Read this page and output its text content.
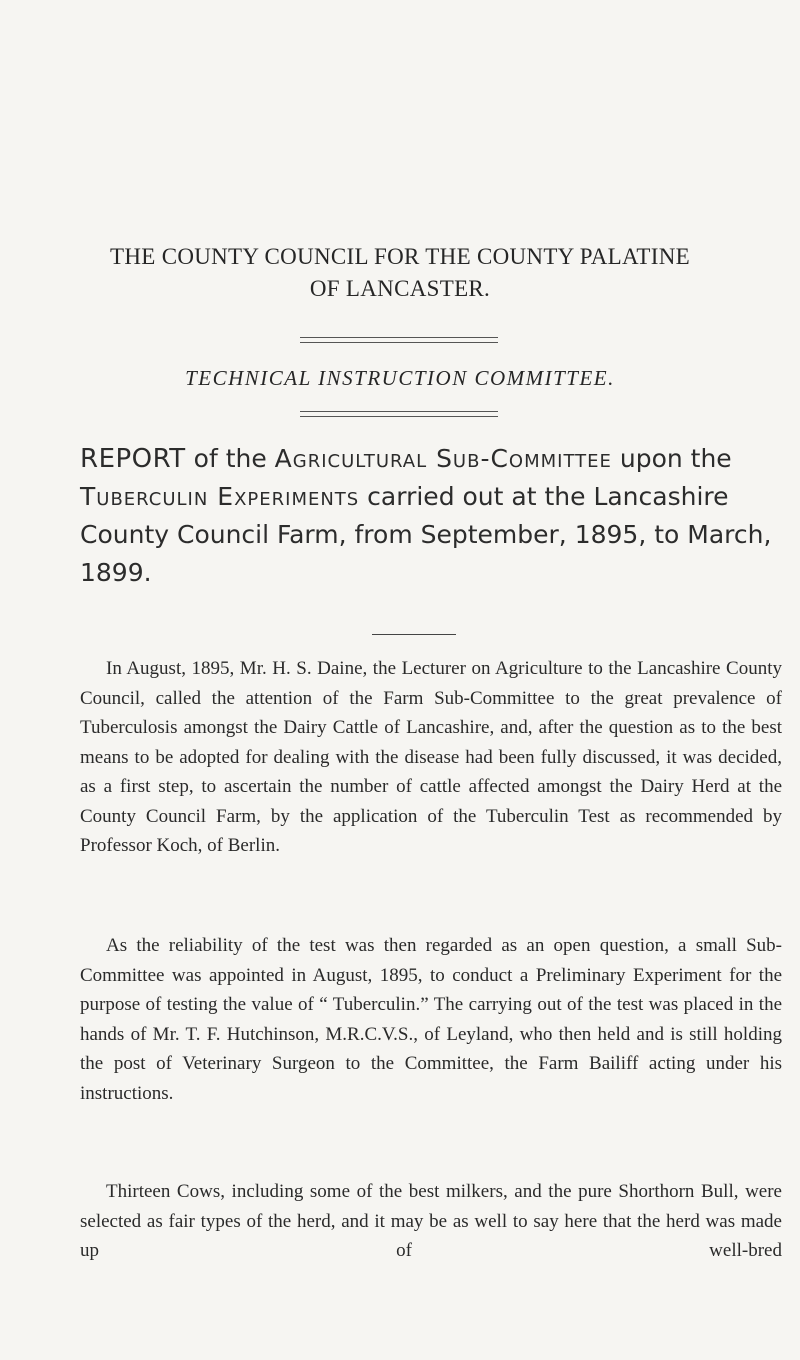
THE COUNTY COUNCIL FOR THE COUNTY PALATINE
OF LANCASTER.
TECHNICAL INSTRUCTION COMMITTEE.
REPORT of the Agricultural Sub-Committee upon the Tuberculin Experiments carried out at the Lancashire County Council Farm, from September, 1895, to March, 1899.

In August, 1895, Mr. H. S. Daine, the Lecturer on Agriculture to the Lancashire County Council, called the attention of the Farm Sub-Committee to the great prevalence of Tuberculosis amongst the Dairy Cattle of Lancashire, and, after the question as to the best means to be adopted for dealing with the disease had been fully discussed, it was decided, as a first step, to ascertain the number of cattle affected amongst the Dairy Herd at the County Council Farm, by the application of the Tuberculin Test as recommended by Professor Koch, of Berlin.

As the reliability of the test was then regarded as an open question, a small Sub-Committee was appointed in August, 1895, to conduct a Preliminary Experiment for the purpose of testing the value of “ Tuberculin.” The carrying out of the test was placed in the hands of Mr. T. F. Hutchinson, M.R.C.V.S., of Leyland, who then held and is still holding the post of Veterinary Surgeon to the Committee, the Farm Bailiff acting under his instructions.

Thirteen Cows, including some of the best milkers, and the pure Shorthorn Bull, were selected as fair types of the herd, and it may be as well to say here that the herd was made up of well-bred
